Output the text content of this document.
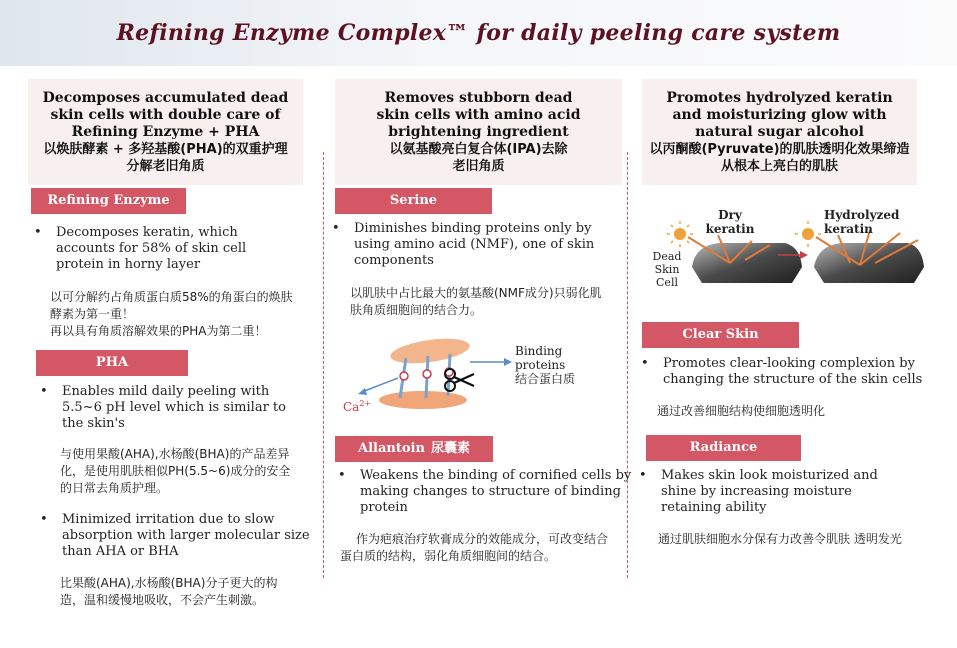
Refining Enzyme Complex™ for daily peeling care system
Decomposes accumulated dead skin cells with double care of Refining Enzyme + PHA
以焕肤酵素 + 多羟基酸(PHA)的双重护理分解老旧角质
Refining Enzyme
• Decomposes keratin, which accounts for 58% of skin cell protein in horny layer
以可分解约占角质蛋白质58%的角蛋白的焕肤酵素为第一重！
再以具有角质溶解效果的PHA为第二重！
PHA
• Enables mild daily peeling with 5.5~6 pH level which is similar to the skin's
与使用果酸(AHA),水杨酸(BHA)的产品差异化，是使用肌肤相似PH(5.5~6)成分的安全的日常去角质护理。
• Minimized irritation due to slow absorption with larger molecular size than AHA or BHA
比果酸(AHA),水杨酸(BHA)分子更大的构造，温和缓慢地吸收，不会产生刺激。
Removes stubborn dead skin cells with amino acid brightening ingredient
以氨基酸亮白复合体(IPA)去除老旧角质
Serine
• Diminishes binding proteins only by using amino acid (NMF), one of skin components
以肌肤中占比最大的氨基酸(NMF成分)只弱化肌肤角质细胞间的结合力。
Binding proteins
结合蛋白质
$Ca^{2+}$
Allantoin 尿囊素
• Weakens the binding of cornified cells by making changes to structure of binding protein
作为疤痕治疗软膏成分的效能成分，可改变结合蛋白质的结构，弱化角质细胞间的结合。
Promotes hydrolyzed keratin and moisturizing glow with natural sugar alcohol
以丙酮酸(Pyruvate)的肌肤透明化效果缔造从根本上亮白的肌肤
Dry keratin
Hydrolyzed keratin
Dead Skin Cell
Clear Skin
• Promotes clear-looking complexion by changing the structure of the skin cells
通过改善细胞结构使细胞透明化
Radiance
• Makes skin look moisturized and shine by increasing moisture retaining ability
通过肌肤细胞水分保有力改善令肌肤 透明发光
